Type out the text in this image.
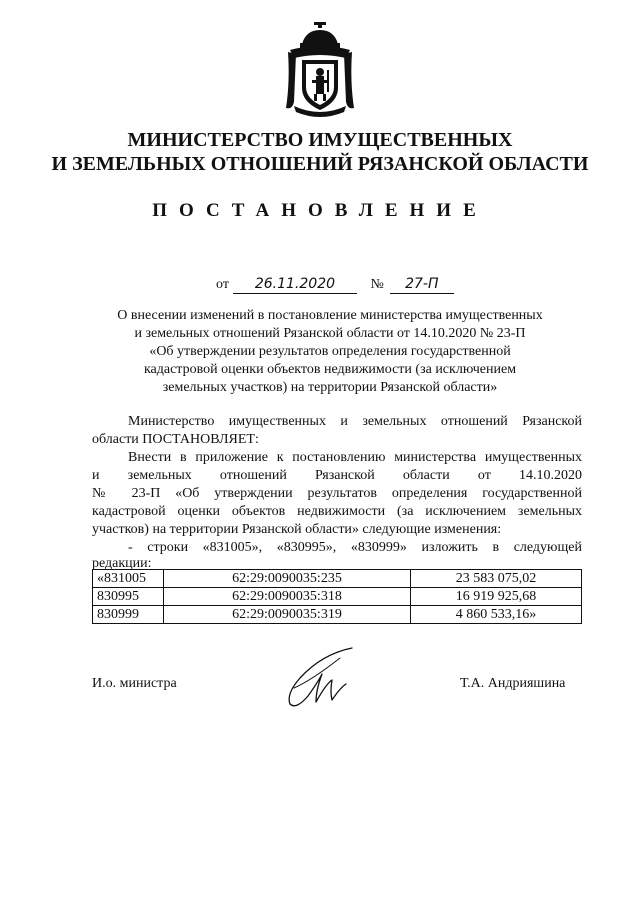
МИНИСТЕРСТВО ИМУЩЕСТВЕННЫХ
И ЗЕМЕЛЬНЫХ ОТНОШЕНИЙ РЯЗАНСКОЙ ОБЛАСТИ
ПОСТАНОВЛЕНИЕ
от 26.11.2020	№ 27-П
О внесении изменений в постановление министерства имущественных
и земельных отношений Рязанской области от 14.10.2020 № 23-П
«Об утверждении результатов определения государственной
кадастровой оценки объектов недвижимости (за исключением
земельных участков) на территории Рязанской области»
Министерство имущественных и земельных отношений Рязанской
области ПОСТАНОВЛЯЕТ:
Внести в приложение к постановлению министерства имущественных
и земельных отношений Рязанской области от 14.10.2020
№ 23-П «Об утверждении результатов определения государственной
кадастровой оценки объектов недвижимости (за исключением земельных
участков) на территории Рязанской области» следующие изменения:
- строки «831005», «830995», «830999» изложить в следующей
редакции:
«831005	62:29:0090035:235	23 583 075,02
830995	62:29:0090035:318	16 919 925,68
830999	62:29:0090035:319	4 860 533,16»
И.о. министра	Т.А. Андрияшина
